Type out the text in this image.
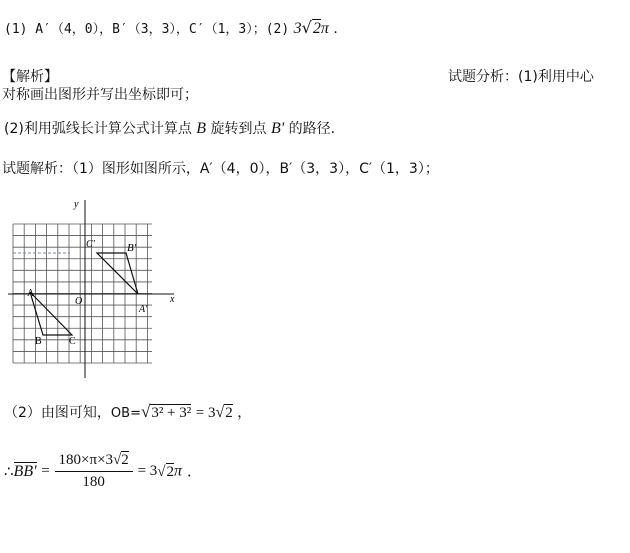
(1) A′（4，0），B′（3，3），C′（1，3）；(2) 3√2π .
【解析】	试题分析：(1)利用中心
对称画出图形并写出坐标即可；
(2)利用弧线长计算公式计算点 B 旋转到点 B' 的路径.
试题解析：（1）图形如图所示，A′（4，0），B′（3，3），C′（1，3）；
y
x
O
A
B	C
A'
B'
C'
（2）由图可知，OB=√3² + 3² = 3√2 ，
∴BB' = $\frac{180\times\pi\times 3√2}{180} = 3√2\pi$ .
